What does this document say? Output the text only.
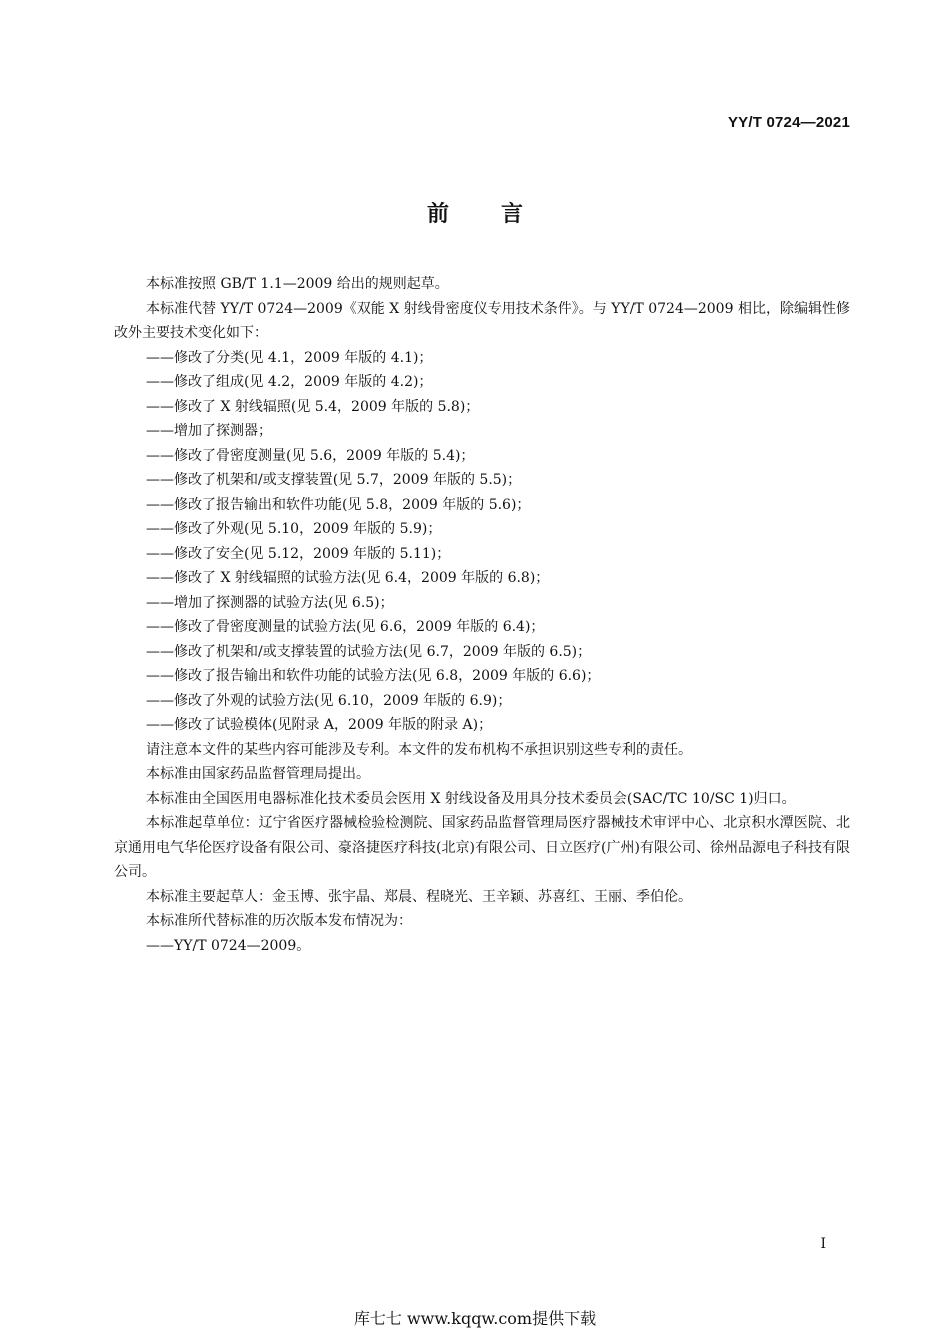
YY/T 0724—2021
前言

本标准按照 GB/T 1.1—2009 给出的规则起草。

本标准代替 YY/T 0724—2009《双能 X 射线骨密度仪专用技术条件》。与 YY/T 0724—2009 相比，除编辑性修改外主要技术变化如下：

——修改了分类(见 4.1，2009 年版的 4.1)；
——修改了组成(见 4.2，2009 年版的 4.2)；
——修改了 X 射线辐照(见 5.4，2009 年版的 5.8)；
——增加了探测器；
——修改了骨密度测量(见 5.6，2009 年版的 5.4)；
——修改了机架和/或支撑装置(见 5.7，2009 年版的 5.5)；
——修改了报告输出和软件功能(见 5.8，2009 年版的 5.6)；
——修改了外观(见 5.10，2009 年版的 5.9)；
——修改了安全(见 5.12，2009 年版的 5.11)；
——修改了 X 射线辐照的试验方法(见 6.4，2009 年版的 6.8)；
——增加了探测器的试验方法(见 6.5)；
——修改了骨密度测量的试验方法(见 6.6，2009 年版的 6.4)；
——修改了机架和/或支撑装置的试验方法(见 6.7，2009 年版的 6.5)；
——修改了报告输出和软件功能的试验方法(见 6.8，2009 年版的 6.6)；
——修改了外观的试验方法(见 6.10，2009 年版的 6.9)；
——修改了试验模体(见附录 A，2009 年版的附录 A)；

请注意本文件的某些内容可能涉及专利。本文件的发布机构不承担识别这些专利的责任。

本标准由国家药品监督管理局提出。

本标准由全国医用电器标准化技术委员会医用 X 射线设备及用具分技术委员会(SAC/TC 10/SC 1)归口。

本标准起草单位：辽宁省医疗器械检验检测院、国家药品监督管理局医疗器械技术审评中心、北京积水潭医院、北京通用电气华伦医疗设备有限公司、豪洛捷医疗科技(北京)有限公司、日立医疗(广州)有限公司、徐州品源电子科技有限公司。

本标准主要起草人：金玉博、张宇晶、郑晨、程晓光、王辛颖、苏喜红、王丽、季伯伦。

本标准所代替标准的历次版本发布情况为：

——YY/T 0724—2009。
I
库七七 www.kqqw.com提供下载
